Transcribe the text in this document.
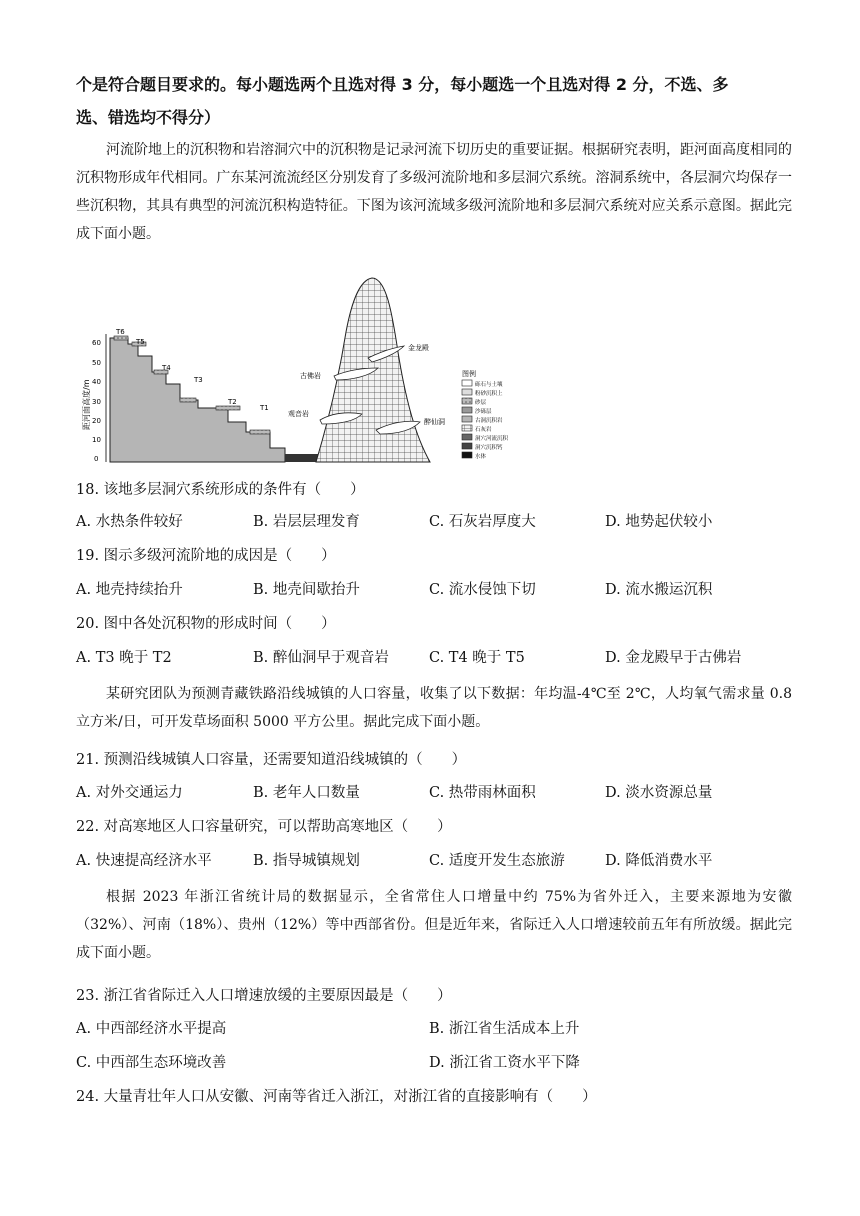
个是符合题目要求的。每小题选两个且选对得 3 分，每小题选一个且选对得 2 分，不选、多
选、错选均不得分）
河流阶地上的沉积物和岩溶洞穴中的沉积物是记录河流下切历史的重要证据。根据研究表明，距河面高度相同的沉积物形成年代相同。广东某河流流经区分别发育了多级河流阶地和多层洞穴系统。溶洞系统中，各层洞穴均保存一些沉积物，其具有典型的河流沉积构造特征。下图为该河流域多级河流阶地和多层洞穴系统对应关系示意图。据此完成下面小题。
距河面高度/m
60
50
40
30
20
10
0
T6
T5
T4
T3
T2
T1
金龙殿
古佛岩
观音岩
醉仙洞
图例
砾石与土壤
粉砂沉积上
砂层
沙砾层
古洞沉积岩
石灰岩
洞穴河流沉积
洞穴沉积钙
水体
18. 该地多层洞穴系统形成的条件有（　　）
A. 水热条件较好	B. 岩层层理发育	C. 石灰岩厚度大	D. 地势起伏较小
19. 图示多级河流阶地的成因是（　　）
A. 地壳持续抬升	B. 地壳间歇抬升	C. 流水侵蚀下切	D. 流水搬运沉积
20. 图中各处沉积物的形成时间（　　）
A. T3 晚于 T2	B. 醉仙洞早于观音岩	C. T4 晚于 T5	D. 金龙殿早于古佛岩
某研究团队为预测青藏铁路沿线城镇的人口容量，收集了以下数据：年均温-4℃至 2℃，人均氧气需求量 0.8 立方米/日，可开发草场面积 5000 平方公里。据此完成下面小题。
21. 预测沿线城镇人口容量，还需要知道沿线城镇的（　　）
A. 对外交通运力	B. 老年人口数量	C. 热带雨林面积	D. 淡水资源总量
22. 对高寒地区人口容量研究，可以帮助高寒地区（　　）
A. 快速提高经济水平	B. 指导城镇规划	C. 适度开发生态旅游	D. 降低消费水平
根据 2023 年浙江省统计局的数据显示，全省常住人口增量中约 75%为省外迁入，主要来源地为安徽（32%）、河南（18%）、贵州（12%）等中西部省份。但是近年来，省际迁入人口增速较前五年有所放缓。据此完成下面小题。
23. 浙江省省际迁入人口增速放缓的主要原因最是（　　）
A. 中西部经济水平提高	B. 浙江省生活成本上升
C. 中西部生态环境改善	D. 浙江省工资水平下降
24. 大量青壮年人口从安徽、河南等省迁入浙江，对浙江省的直接影响有（　　）
